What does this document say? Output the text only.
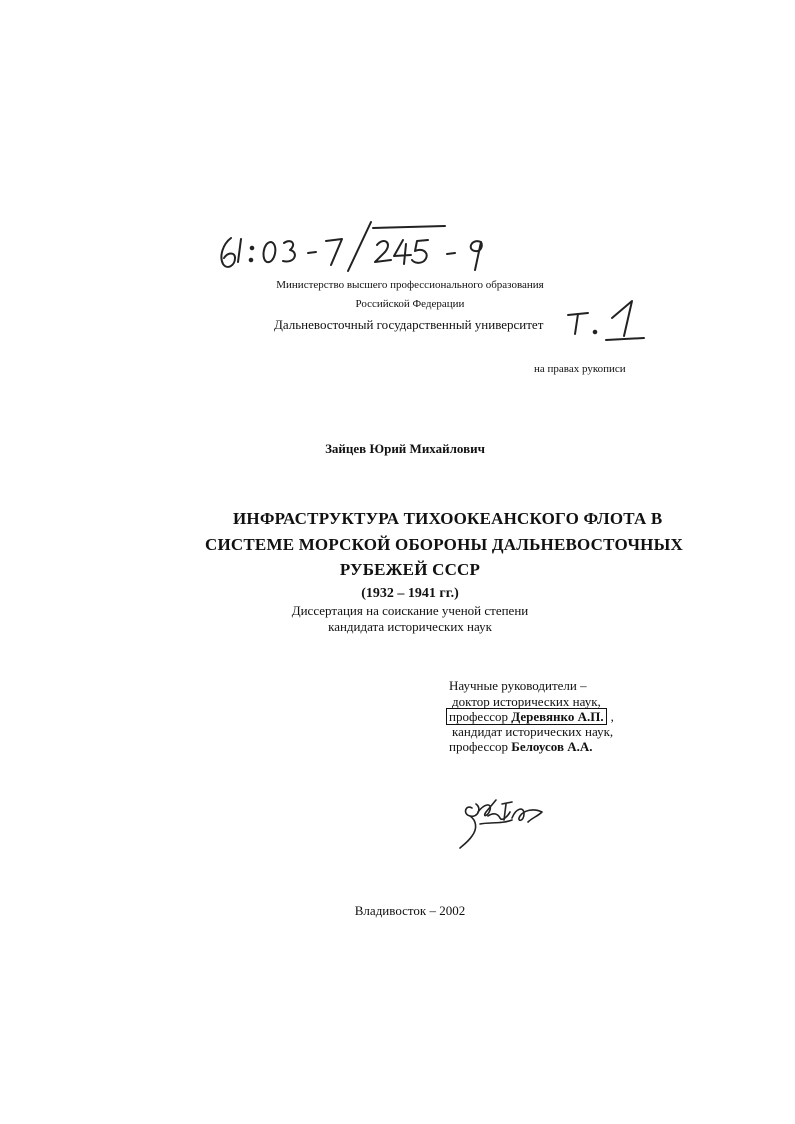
Министерство высшего профессионального образования
Российской Федерации
Дальневосточный государственный университет
на правах рукописи
Зайцев Юрий Михайлович
ИНФРАСТРУКТУРА ТИХООКЕАНСКОГО ФЛОТА В
СИСТЕМЕ МОРСКОЙ ОБОРОНЫ ДАЛЬНЕВОСТОЧНЫХ
РУБЕЖЕЙ СССР
(1932 – 1941 гг.)
Диссертация на соискание ученой степени
кандидата исторических наук
Научные руководители –
доктор исторических наук,
профессор Деревянко А.П. ,
кандидат исторических наук,
профессор Белоусов А.А.
Владивосток – 2002
